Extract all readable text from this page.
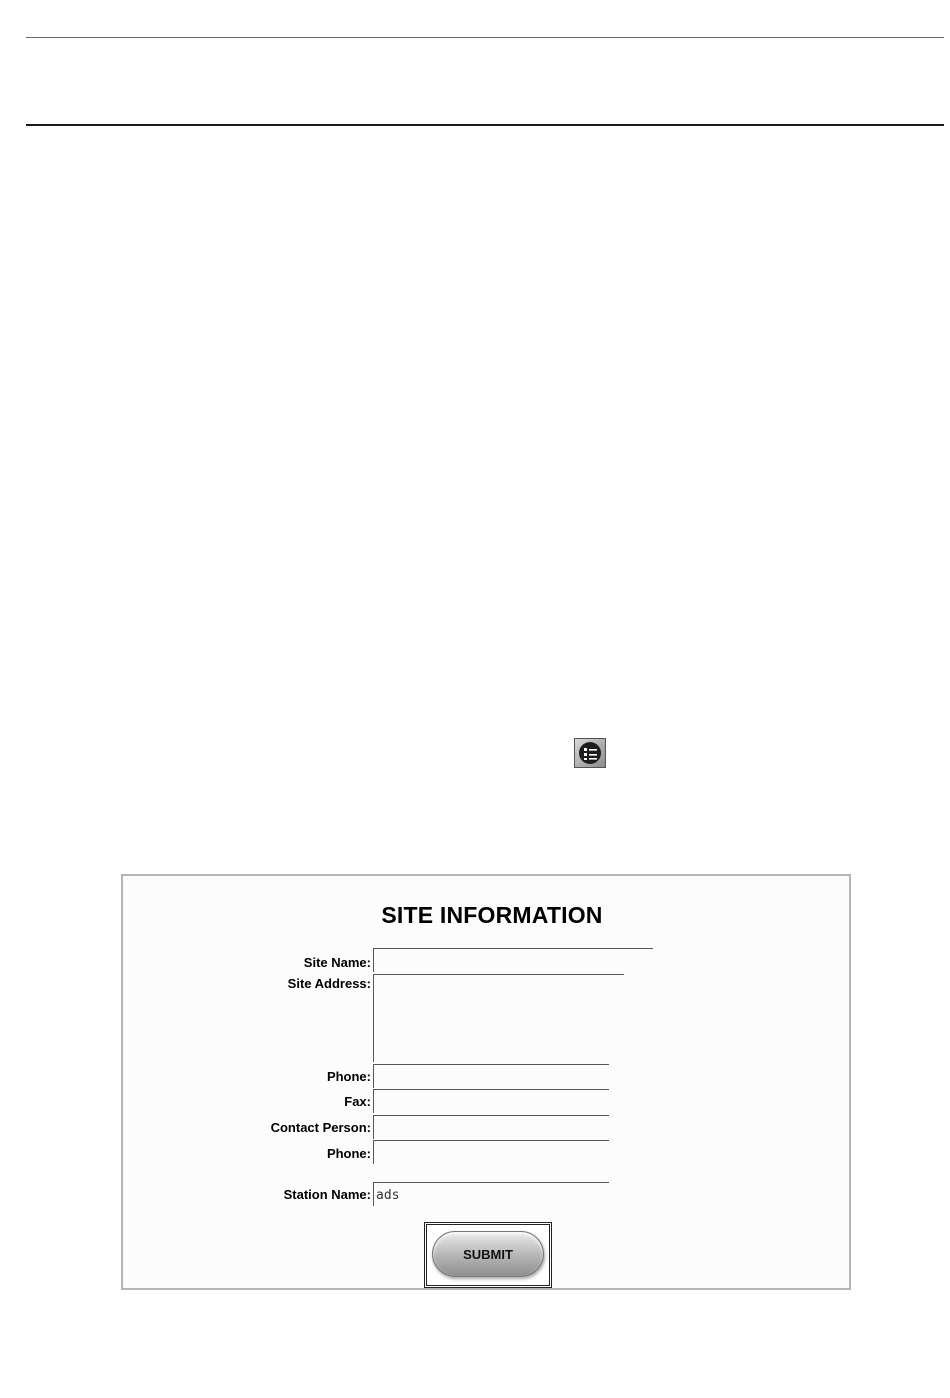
SITE INFORMATION
Site Name:
Site Address:
Phone:
Fax:
Contact Person:
Phone:
Station Name:
ads
SUBMIT
